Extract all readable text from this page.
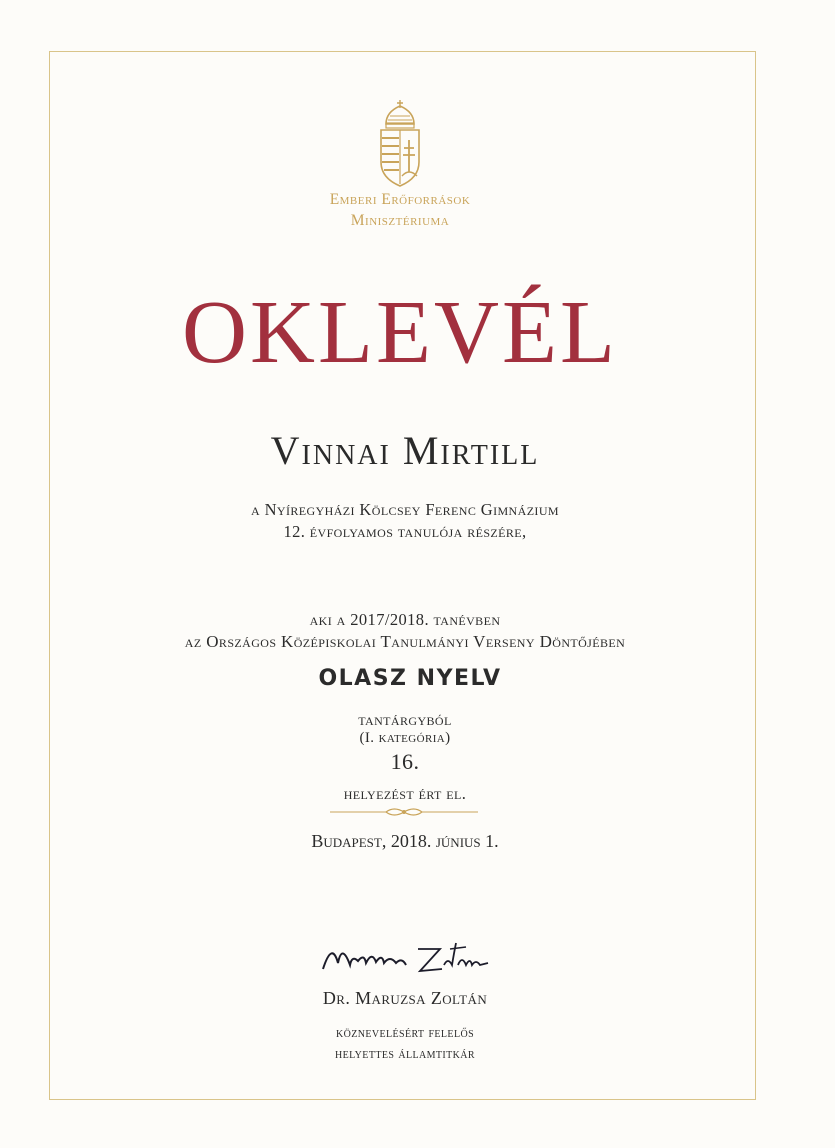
Emberi Erőforrások
Minisztériuma
OKLEVÉL
Vinnai Mirtill
a Nyíregyházi Kölcsey Ferenc Gimnázium
12. évfolyamos tanulója részére,
aki a 2017/2018. tanévben
az Országos Középiskolai Tanulmányi Verseny Döntőjében
OLASZ NYELV
tantárgyból
(I. kategória)
16.
helyezést ért el.
Budapest, 2018. június 1.
Dr. Maruzsa Zoltán
köznevelésért felelős
helyettes államtitkár
